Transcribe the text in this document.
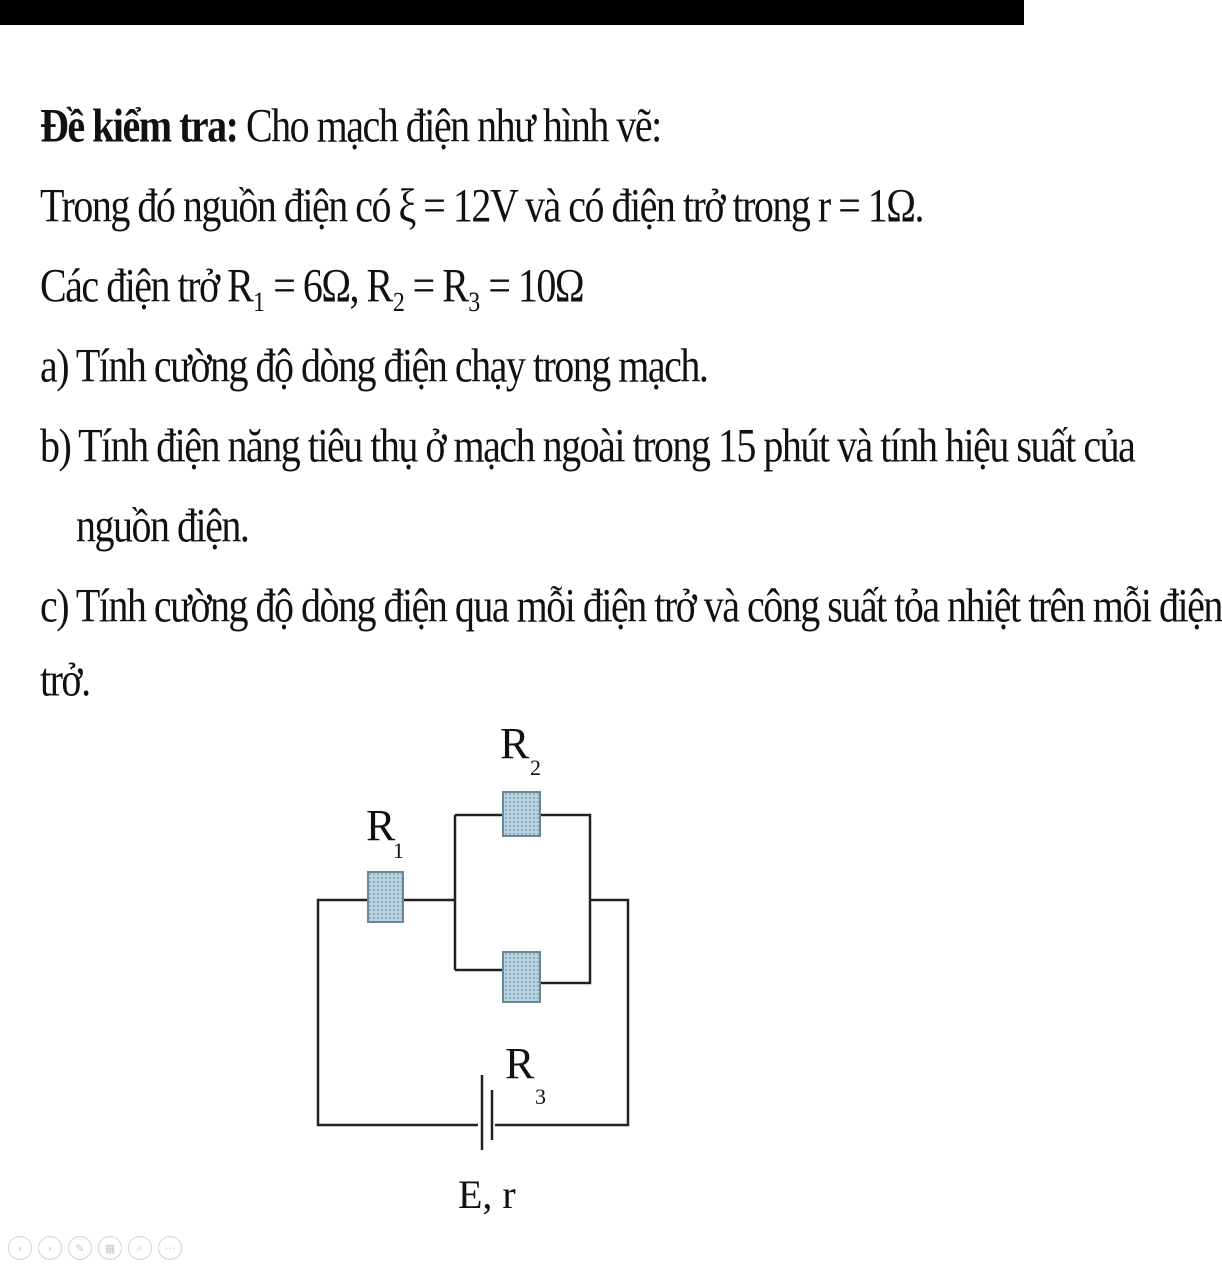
Đề kiểm tra: Cho mạch điện như hình vẽ:
Trong đó nguồn điện có ξ = 12V và có điện trở trong r = 1Ω.
Các điện trở R₁ = 6Ω, R₂ = R₃ = 10Ω
a) Tính cường độ dòng điện chạy trong mạch.
b) Tính điện năng tiêu thụ ở mạch ngoài trong 15 phút và tính hiệu suất của
nguồn điện.
c) Tính cường độ dòng điện qua mỗi điện trở và công suất tỏa nhiệt trên mỗi điện
trở.
R
1
R 2
R
3
E, r
‹	›	✎	▦	⌕	···
